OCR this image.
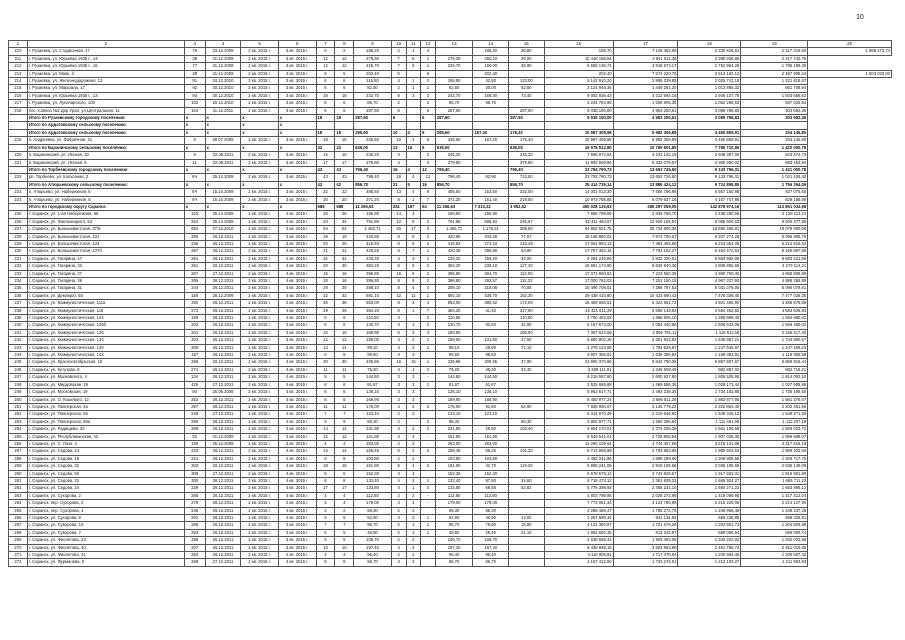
10
1	2	3	4	5	6	7	8	9	10	11	12	13	14	15	16	17	18	19	20
210	г. Рузаевка, ул. Стадионная, 17	76	23.12.2006	2 кв. 2015 г.	3 кв. 2015 г.	5	2	196,20	2	1	4		196,20	36,80	155,70	7 128 392,98	3 330 626,61	2 317 315,60	1 969 473,74
211	г. Рузаевка, ул. Юрьевка 1935 г., 14	38	31.12.2009	2 кв. 2015 г.	3 кв. 2015 г.	12	12	278,30	7	8	1	278,30	250,10	28,00	10 448 186,64	4 841 511,36	3 388 936,85	2 217 742,75	
212	г. Рузаевка, ул. Юрьевка 1935 г., 16	77	31.12.2009	2 кв. 2015 г.	3 кв. 2015 г.	12	12	226,70	7	5	1	226,70	190,00	35,90	8 656 136,74	3 916 973,17	2 752 964,28	1 786 199,30	
213	г. Рузаевка, ул. Маяк, 2	39	31.12.2009	2 кв. 2015 г.	3 кв. 2015 г.	5	5	202,40	6		6		202,40		202,40	7 574 220,75	3 513 182,12	2 457 908,44	1 603 020,00
214	г. Рузаевка, ул. Железнодорожная, 13	91	24.12.2010	2 кв. 2015 г.	3 кв. 2015 г.	6	6	116,80	4	1	2	166,80	42,80	123,00	6 142 910,20	2 895 239,85	2 025 741,10	1 321 815,57	
215	г. Рузаевка, ул. Маршала, 17	92	30.12.2010	2 кв. 2015 г.	3 кв. 2015 г.	5	5	82,50	2	1	1	82,50	20,00	62,50	3 124 946,36	1 449 261,20	1 013 885,32	661 708,94	
216	г. Рузаевка, ул. Юрьевка 1935 г., 13	94	30.12.2010	2 кв. 2015 г.	3 кв. 2015 г.	16	16	242,70	6	3	3	242,70	169,30	73,40	9 092 938,43	4 212 694,16	2 946 107,78	1 933 666,62	
217	г. Рузаевка, ул. Луначарского, 103	102	20.12.2010	2 кв. 2015 г.	3 кв. 2015 г.	6	6	86,70	2		2	86,70	86,70		3 244 784,99	1 506 905,36	1 052 286,53	687 028,64	
218	пос. Совхоз №2 Дор Урал, ул.Центральная, 11	104	11.12.2011	2 кв. 2015 г.	3 кв. 2015 г.	6	6	287,60	6		6	287,60		287,60	9 036 150,00	4 953 250,61	3 089 786,83	303 692,36	
	Итого по Рузаевскому городскому поселению:	x	x	x	x	18	18	287,60	6		6	287,60		287,60	9 036 150,00	4 953 250,61	3 089 786,83	303 692,36	
	Итого по Ардатовскому сельскому поселению:	x	x	x	x														
	Итого по Ардатовскому сельскому поселению:	x	x	x	x	18	18	285,60	10	4	6	285,60	167,20	178,40	10 587 409,98	5 982 306,89	4 450 859,91	334 145,80	
219	п. Андреевка, ул. Фабричная, 31	9	28.07.2009	2 кв. 2015 г.	3 кв. 2015 г.	18	18	345,60	10	4	6	345,60	167,20	178,40	10 997 409,98	5 982 306,89	4 450 859,91	334 145,80	
	Итого по Баранинскому сельскому поселению:	x	x	x	x	32	32	636,00	13	15	6	636,00		636,00	19 978 512,80	10 769 801,85	7 785 710,95	1 422 000,78	
220	п. Баранинский, ул. Лесная, 33	8	02.08.2011	2 кв. 2015 г.	3 кв. 2015 г.	15	15	245,20	3		2	245,20		245,20	7 685 872,94	4 241 142,16	2 948 357,00	523 474,73	
221	п. Баранинский, ул. Лесная, 5	11	02.08.2011	2 кв. 2015 г.	3 кв. 2015 г.	17	17	379,80	4		4	379,80		379,80	11 892 509,86	6 332 076,57	4 365 950,02	893 454,94	
	Итого по Торбеевскому городскому поселению:	x	x	x	x	43	43	796,40	16	4	12	796,40		796,40	23 794 790,73	13 653 726,60	9 133 796,31	1 421 000,78	
222	рп. Торбеево, ул. Колхозная, 2	6Ч	25.12.2009	2 кв. 2015 г.	3 кв. 2015 г.	43	43	796,40	16	4	12	796,40	82,90	713,50	23 793 790,73	13 653 726,60	9 133 796,31	1 021 428,40	
	Итого по Атюрьевскому сельскому поселению:	x	x	x	x	42	42	856,70	21	5	16	856,70		856,70	25 414 739,14	13 886 424,12	9 724 898,85	1 756 264,06	
223	п. Атюрьево, ул. Набережная, 6	6Ч	15.10.2009	2 кв. 2015 г.	3 кв. 2015 г.	22	22	485,50	13	4	9	485,50	153,50	332,00	14 301 013,30	7 806 786,96	5 567 150,99	927 075,50	
224	п. Атюрьево, ул. Набережная, 8	6Ч	15.10.2009	2 кв. 2015 г.	3 кв. 2015 г.	20	20	371,20	8	1	7	371,20	151,40	219,80	10 973 785,85	6 079 637,16	4 157 747,86	829 188,56	
	Итого по городскому округу Саранск:	x	x	x	x	688	688	11 266,63	251	187	64	11 266,63	7 310,22	3 952,52	490 028 125,63	286 297 059,05	142 878 974,16	113 851 034,68	
225	г. Саранск, ул. 1-ая Набережная, 66	102	26.12.2008	2 кв. 2015 г.	4 кв. 2015 г.	26	26	185,90	14	4	-	185,90	185,90		7 986 799,05	3 839 768,70	2 238 280,55	2 128 113,24	
226	г. Саранск, ул. Хмельницкого, 54	264	26.12.2008	2 кв. 2015 г.	4 кв. 2015 г.	34	34	791,68	12	6	2	791,68	595,94	246,67	32 411 464,67	13 925 195,54	8 065 900,63	9 500 377,96	
227	г. Саранск, ул. Большевистская, 37/8	654	27.12.2010	2 кв. 2015 г.	4 кв. 2015 г.	54	54	1 483,71	20	17	3	1 483,71	1 175,21	308,50	64 854 501,75	26 734 800,06	18 650 465,81	19 079 990,08	
228	г. Саранск, ул. Большевистская, 131	255	26.12.2011	2 кв. 2015 г.	4 кв. 2015 г.	19	19	420,85	8	6	2	420,85	343,28	77,57	18 158 880,02	7 874 700,07	5 207 274,28	5 096 905,78	
229	г. Саранск, ул. Большевистская, 133	246	26.12.2011	2 кв. 2015 г.	4 кв. 2015 г.	20	20	415,83	8	5	3	415,83	272,34	143,49	17 652 994,13	7 484 455,56	5 224 354,05	5 214 615,53	
230	г. Саранск, ул. Большевистская, 137б	297	26.12.2011	2 кв. 2015 г.	4 кв. 2015 г.	21	21	420,28	8	7	1	420,28	286,68	53,90	17 757 352,16	7 792 152,27	5 464 472,64	5 165 887,88	
231	г. Саранск, ул. Гагарина, 17	261	26.12.2011	2 кв. 2015 г.	4 кв. 2015 г.	31	31	233,20	4	3	1	233,20	159,20	34,00	9 284 246,89	3 822 330,01	5 683 992,06	9 683 221,58	
232	г. Саранск, ул. Гагарина, 23	261	26.12.2011	2 кв. 2015 г.	4 кв. 2015 г.	20	20	362,20	6	5	2	362,20	235,10	127,20	15 661 174,90	6 626 940,36	4 908 855,66	4 279 114,21	
233	г. Саранск, ул. Гагарина, 27	267	27.12.2011	2 кв. 2015 г.	4 кв. 2015 г.	16	16	396,80	16	6	2	396,80	284,70	112,00	17 071 660,63	7 223 550,38	4 990 750,40	4 968 809,99	
234	г. Саранск, ул. Гагарина, 29	265	26.12.2011	2 кв. 2015 г.	4 кв. 2015 г.	16	16	396,80	8	6	2	396,80	282,57	112,23	17 000 762,03	7 251 150,15	4 967 337,93	4 986 365,99	
235	г. Саранск, ул. Гагарина, 31	244	26.12.2011	2 кв. 2015 г.	4 кв. 2015 г.	29	29	288,10	8	4	4	288,10	218,06	70,05	15 496 708,01	7 266 797,53	5 031 376,05	5 090 079,81	
236	г. Саранск, ул. Демократ, 55	180	28.12.2009	2 кв. 2015 г.	4 кв. 2015 г.	32	32	591,10	12	11	1	591,10	438,70	152,30	29 438 410,80	10 423 690,43	7 476 336,40	7 477 026,35	
237	г. Саранск, ул. Коммунистическая, 111а	260	26.12.2011	2 кв. 2015 г.	4 кв. 2015 г.	36	36	553,00	8	4	4	553,00	380,52	172,00	15 408 686,51	6 423 552,72	4 501 456,90	4 488 676,89	
238	г. Саранск, ул. Коммунистическая, 116	272	26.12.2011	2 кв. 2015 г.	4 кв. 2015 г.	29	29	384,20	8	1	7	384,20	41,40	317,80	16 421 611,29	6 559 148,93	4 584 452,82	4 583 628,83	
239	г. Саранск, ул. Коммунистическая, 124	199	26.12.2011	2 кв. 2015 г.	4 кв. 2015 г.	6	6	110,50	3	-	2	110,50		110,50	4 750 452,63	1 888 505,10	1 286 998,40	1 564 890,62	
240	г. Саранск, ул. Коммунистическая, 126б	202	26.12.2011	2 кв. 2015 г.	4 кв. 2015 г.	6	6	130,70	3	1	2	130,70	92,83	32,00	5 167 674,00	2 054 440,96	1 506 643,06	1 566 460,02	
241	г. Саранск, ул. Коммунистическая, 126	201	26.12.2011	2 кв. 2015 г.	4 кв. 2015 г.	15	15	169,90	6	3	4	169,90		169,90	7 367 624,59	2 056 791,11	1 115 611,58	2 155 217,40	
242	г. Саранск, ул. Коммунистическая, 134	202	26.12.2011	2 кв. 2015 г.	4 кв. 2015 г.	12	12	159,00	3	2	1	159,00	131,50	27,50	6 660 802,28	2 301 823,62	1 545 957,21	1 744 890,57	
243	г. Саранск, ул. Коммунистическая, 140	200	26.12.2011	2 кв. 2015 г.	4 кв. 2015 г.	14	14	99,10	3	2	1	99,10	25,90	74,10	4 276 124,08	1 792 626,97	1 247 646,87	1 247 259,23	
244	г. Саранск, ул. Коммунистическая, 142	197	26.12.2011	2 кв. 2015 г.	4 кв. 2015 г.	6	6	99,50	3	3	-	99,50	99,50		3 907 355,61	1 638 385,82	1 159 383,81	1 118 965,58	
245	г. Саранск, ул. Краснооктябрьская, 15	266	26.12.2011	2 кв. 2015 г.	4 кв. 2015 г.	30	30	236,86	16	15	1	236,86	208,95	37,90	23 680 370,66	9 842 790,05	6 867 697,67	6 889 916,44	
246	г. Саранск, ул. Кутузова, 6	271	26.12.2011	2 кв. 2015 г.	4 кв. 2015 г.	11	11	75,20	3	1	2	75,20	45,30	32,40	3 268 111,91	1 345 508,49	982 887,02	982 716,21	
247	г. Саранск, ул. Маяковского, 4	134	28.12.2011	2 кв. 2015 г.	4 кв. 2015 г.	5	5	144,50	3	3	-	144,50	144,50		6 218 557,80	2 600 937,80	1 805 526,90	1 814 092,10	
248	г. Саранск, ул. Мирдовская, 25	425	27.12.2011	2 кв. 2015 г.	4 кв. 2015 г.	6	6	91,67	3	2	1	91,67	61,67		3 525 668,68	1 469 586,36	1 028 173,44	1 027 908,88	
249	г. Саранск, ул. Московская, 19	84	26.05.2008	2 кв. 2015 г.	4 кв. 2015 г.	6	6	138,10	3	3		138,10	138,10		5 962 617,71	2 493 238,35	1 734 183,86	1 735 195,50	
250	г. Саранск, ул. О. Кошевого, 12	252	26.12.2011	2 кв. 2015 г.	4 кв. 2015 г.	6	6	169,90	3	3		169,90	169,90		8 450 977,24	3 696 811,28	1 883 877,95	1 881 376,07	
251	г. Саранск, ул. Пионерская, 2а	257	26.12.2011	2 кв. 2015 г.	4 кв. 2015 г.	11	11	175,00	4	2	2	175,00	91,60	82,90	7 559 960,67	3 145 779,22	2 202 862,40	2 202 451,56	
252	г. Саранск, ул. Пионерская, 55	248	27.12.2011	2 кв. 2015 г.	4 кв. 2015 г.	7	7	123,10	2	2	-	123,10	123,10		5 314 670,49	2 215 646,60	1 549 345,13	1 549 271,50	
253	г. Саранск, ул. Пионерская, 56а	295	26.12.2011	2 кв. 2015 г.	4 кв. 2015 г.	9	9	88,30	2	-	2	88,30		88,30	3 802 977,71	1 580 286,64	1 111 491,95	1 111 207,18	
254	г. Саранск, ул. Радищева, 33	268	26.12.2011	2 кв. 2015 г.	4 кв. 2015 г.	14	14	231,90	4	2	2	231,90	28,50	103,40	5 694 170,01	2 374 035,39	1 661 108,58	1 659 023,72	
255	г. Саранск, ул. Республиканская, 42	52	31.12.2009	2 кв. 2015 г.	4 кв. 2015 г.	12	12	151,90	4	4	-	151,90	151,90		6 549 541,01	2 726 808,54	1 907 035,38	1 966 698,07	
256	г. Саранск, ул. С. Лазо, 4	199	26.12.2009	2 кв. 2015 г.	4 кв. 2015 г.	4	4	263,00	2	2	-	263,00	263,00		11 280 109,64	4 744 457,65	3 218 131,98	3 317 516,19	
257	г. Саранск, ул. Седова, 13	223	26.12.2011	2 кв. 2015 г.	4 кв. 2015 г.	14	14	155,45	5	2	3	155,45	56,25	101,20	6 713 969,99	2 793 963,96	1 960 603,53	1 959 402,50	
258	г. Саранск, ул. Седова, 15	221	26.12.2011	2 кв. 2015 г.	4 кв. 2015 г.	8	8	103,80	2	2		103,80	103,80		4 483 241,96	1 868 269,66	1 306 908,55	1 306 717,75	
259	г. Саранск, ул. Седова, 32	303	26.12.2011	2 кв. 2015 г.	4 кв. 2015 г.	18	18	161,90	5	4	3	161,90	42,70	119,20	6 985 241,06	2 910 185,66	2 036 195,68	2 036 149,09	
260	г. Саранск, ул. Седова, 50	309	27.12.2011	2 кв. 2015 г.	4 кв. 2015 г.	5	5	152,30	3	3		152,30	152,30		6 578 578,12	2 742 828,67	1 917 602,31	1 916 901,89	
261	г. Саранск, ул. Седова, 22	300	26.12.2011	2 кв. 2015 г.	4 кв. 2015 г.	8	8	132,40	4	3	1	132,40	97,80	34,60	5 718 473,12	2 381 839,31	1 665 924,27	1 665 711,23	
262	г. Саранск, ул. Седова, 24	229	26.12.2011	2 кв. 2015 г.	4 кв. 2015 г.	17	17	133,80	4	1	4	133,80	69,58	52,82	5 776 398,68	2 408 231,10	1 684 271,22	1 683 896,12	
263	г. Саранск, ул. Сухорова, 2	285	26.12.2011	2 кв. 2015 г.	4 кв. 2015 г.	4	4	112,80	2	2	-	112,80	112,80		4 803 798,95	2 026 272,98	1 419 099,96	1 417 412,04	
264	г. Саранск, пер. Сухорова, 2	279	26.12.2011	2 кв. 2015 г.	4 кв. 2015 г.	4	4	179,00	4	4	-	179,00	179,00		7 773 961,34	3 124 780,98	2 215 229,06	2 214 127,90	
265	г. Саранск, пер. Сухорова, 4	246	26.12.2011	2 кв. 2015 г.	4 кв. 2015 г.	2	2	98,30	2	2		98,30	98,30		4 286 468,47	1 785 274,75	1 249 956,49	1 249 237,35	
266	г. Саранск, ул. Сухорова, 8	202	26.12.2011	2 кв. 2015 г.	4 кв. 2015 г.	5	5	52,90	3	2	1	52,90	40,90	12,00	2 257 699,34	941 134,55	658 235,85	658 328,91	
267	г. Саранск, ул. Суворова, 10	286	26.12.2011	2 кв. 2015 г.	4 кв. 2015 г.	7	7	95,70	2	1	1	95,70	76,90	18,80	4 131 360,87	1 721 579,26	1 204 951,73	1 204 829,88	
268	г. Саранск, ул. Суворова, 7	293	26.12.2011	2 кв. 2015 г.	4 кв. 2015 г.	5	5	49,50	2	1	1	49,50	28,40	21,10	1 952 660,35	813 343,97	569 066,94	568 909,74	
269	г. Саранск, ул. Фиолетова, 23	298	26.12.2011	2 кв. 2015 г.	4 кв. 2015 г.	5	5	106,70	2	2		106,70	106,70		4 638 669,44	1 903 463,08	1 343 202,02	1 342 003,56	
270	г. Саранск, ул. Фиолетова, 40	207	26.12.2011	2 кв. 2015 г.	4 кв. 2015 г.	10	10	197,40	4	4		197,40	197,40		8 436 669,15	3 503 863,88	2 451 785,72	2 451 019,55	
271	г. Саранск, ул. Фиолетова, 41	253	26.12.2011	2 кв. 2015 г.	4 кв. 2015 г.	4	4	95,40	2	2		95,40	95,40		4 118 908,81	1 717 476,94	1 200 864,45	1 200 567,42	
272	г. Саранск, ул. Фурманова, 5	269	27.12.2011	2 кв. 2015 г.	4 кв. 2015 г.	6	6	96,70	3	3		96,70	96,70		4 157 412,80	1 733 276,51	1 212 193,27	1 211 963,93	
